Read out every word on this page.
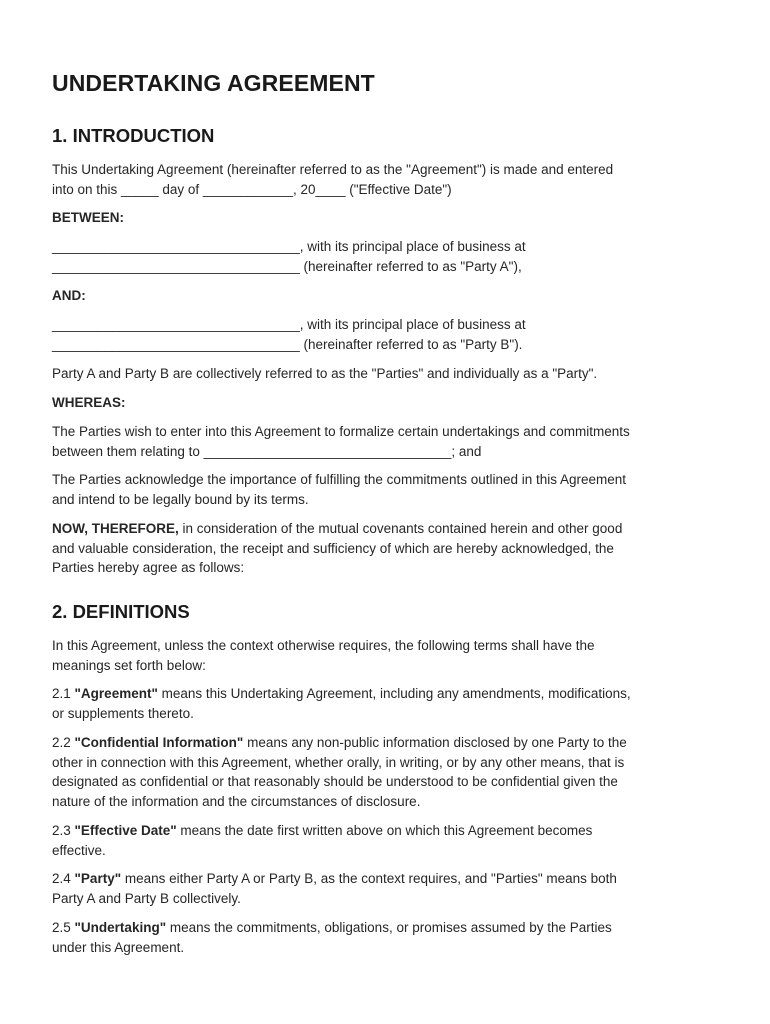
UNDERTAKING AGREEMENT
1. INTRODUCTION

This Undertaking Agreement (hereinafter referred to as the "Agreement") is made and entered
into on this _____ day of ____________, 20____ ("Effective Date")

BETWEEN:

_________________________________, with its principal place of business at
_________________________________ (hereinafter referred to as "Party A"),

AND:

_________________________________, with its principal place of business at
_________________________________ (hereinafter referred to as "Party B").

Party A and Party B are collectively referred to as the "Parties" and individually as a "Party".

WHEREAS:

The Parties wish to enter into this Agreement to formalize certain undertakings and commitments
between them relating to _________________________________; and

The Parties acknowledge the importance of fulfilling the commitments outlined in this Agreement
and intend to be legally bound by its terms.

NOW, THEREFORE, in consideration of the mutual covenants contained herein and other good
and valuable consideration, the receipt and sufficiency of which are hereby acknowledged, the
Parties hereby agree as follows:

2. DEFINITIONS

In this Agreement, unless the context otherwise requires, the following terms shall have the
meanings set forth below:

2.1 "Agreement" means this Undertaking Agreement, including any amendments, modifications,
or supplements thereto.

2.2 "Confidential Information" means any non-public information disclosed by one Party to the
other in connection with this Agreement, whether orally, in writing, or by any other means, that is
designated as confidential or that reasonably should be understood to be confidential given the
nature of the information and the circumstances of disclosure.

2.3 "Effective Date" means the date first written above on which this Agreement becomes
effective.

2.4 "Party" means either Party A or Party B, as the context requires, and "Parties" means both
Party A and Party B collectively.

2.5 "Undertaking" means the commitments, obligations, or promises assumed by the Parties
under this Agreement.
